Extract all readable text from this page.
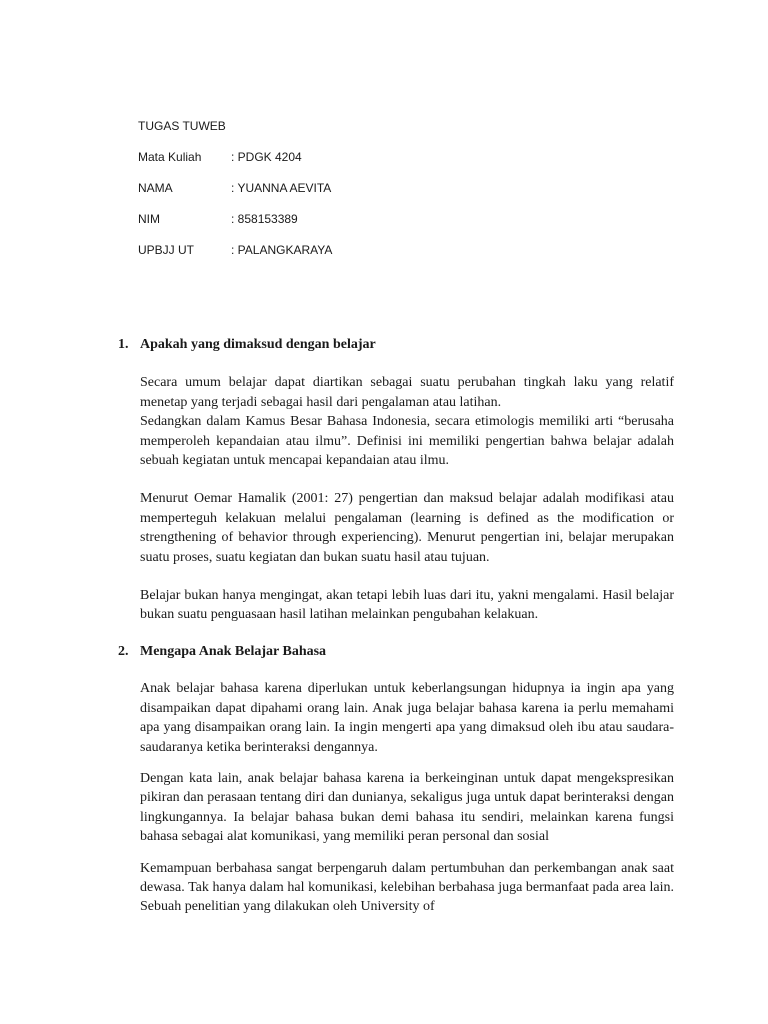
TUGAS TUWEB
Mata Kuliah : PDGK 4204
NAMA	: YUANNA AEVITA
NIM	: 858153389
UPBJJ UT	: PALANGKARAYA

1. Apakah yang dimaksud dengan belajar

Secara umum belajar dapat diartikan sebagai suatu perubahan tingkah laku yang relatif menetap yang terjadi sebagai hasil dari pengalaman atau latihan.

Sedangkan dalam Kamus Besar Bahasa Indonesia, secara etimologis memiliki arti “berusaha memperoleh kepandaian atau ilmu”. Definisi ini memiliki pengertian bahwa belajar adalah sebuah kegiatan untuk mencapai kepandaian atau ilmu.

Menurut Oemar Hamalik (2001: 27) pengertian dan maksud belajar adalah modifikasi atau memperteguh kelakuan melalui pengalaman (learning is defined as the modification or strengthening of behavior through experiencing). Menurut pengertian ini, belajar merupakan suatu proses, suatu kegiatan dan bukan suatu hasil atau tujuan.

Belajar bukan hanya mengingat, akan tetapi lebih luas dari itu, yakni mengalami. Hasil belajar bukan suatu penguasaan hasil latihan melainkan pengubahan kelakuan.

2. Mengapa Anak Belajar Bahasa

Anak belajar bahasa karena diperlukan untuk keberlangsungan hidupnya ia ingin apa yang disampaikan dapat dipahami orang lain. Anak juga belajar bahasa karena ia perlu memahami apa yang disampaikan orang lain. Ia ingin mengerti apa yang dimaksud oleh ibu atau saudara-saudaranya ketika berinteraksi dengannya.

Dengan kata lain, anak belajar bahasa karena ia berkeinginan untuk dapat mengekspresikan pikiran dan perasaan tentang diri dan dunianya, sekaligus juga untuk dapat berinteraksi dengan lingkungannya. Ia belajar bahasa bukan demi bahasa itu sendiri, melainkan karena fungsi bahasa sebagai alat komunikasi, yang memiliki peran personal dan sosial

Kemampuan berbahasa sangat berpengaruh dalam pertumbuhan dan perkembangan anak saat dewasa. Tak hanya dalam hal komunikasi, kelebihan berbahasa juga bermanfaat pada area lain. Sebuah penelitian yang dilakukan oleh University of
